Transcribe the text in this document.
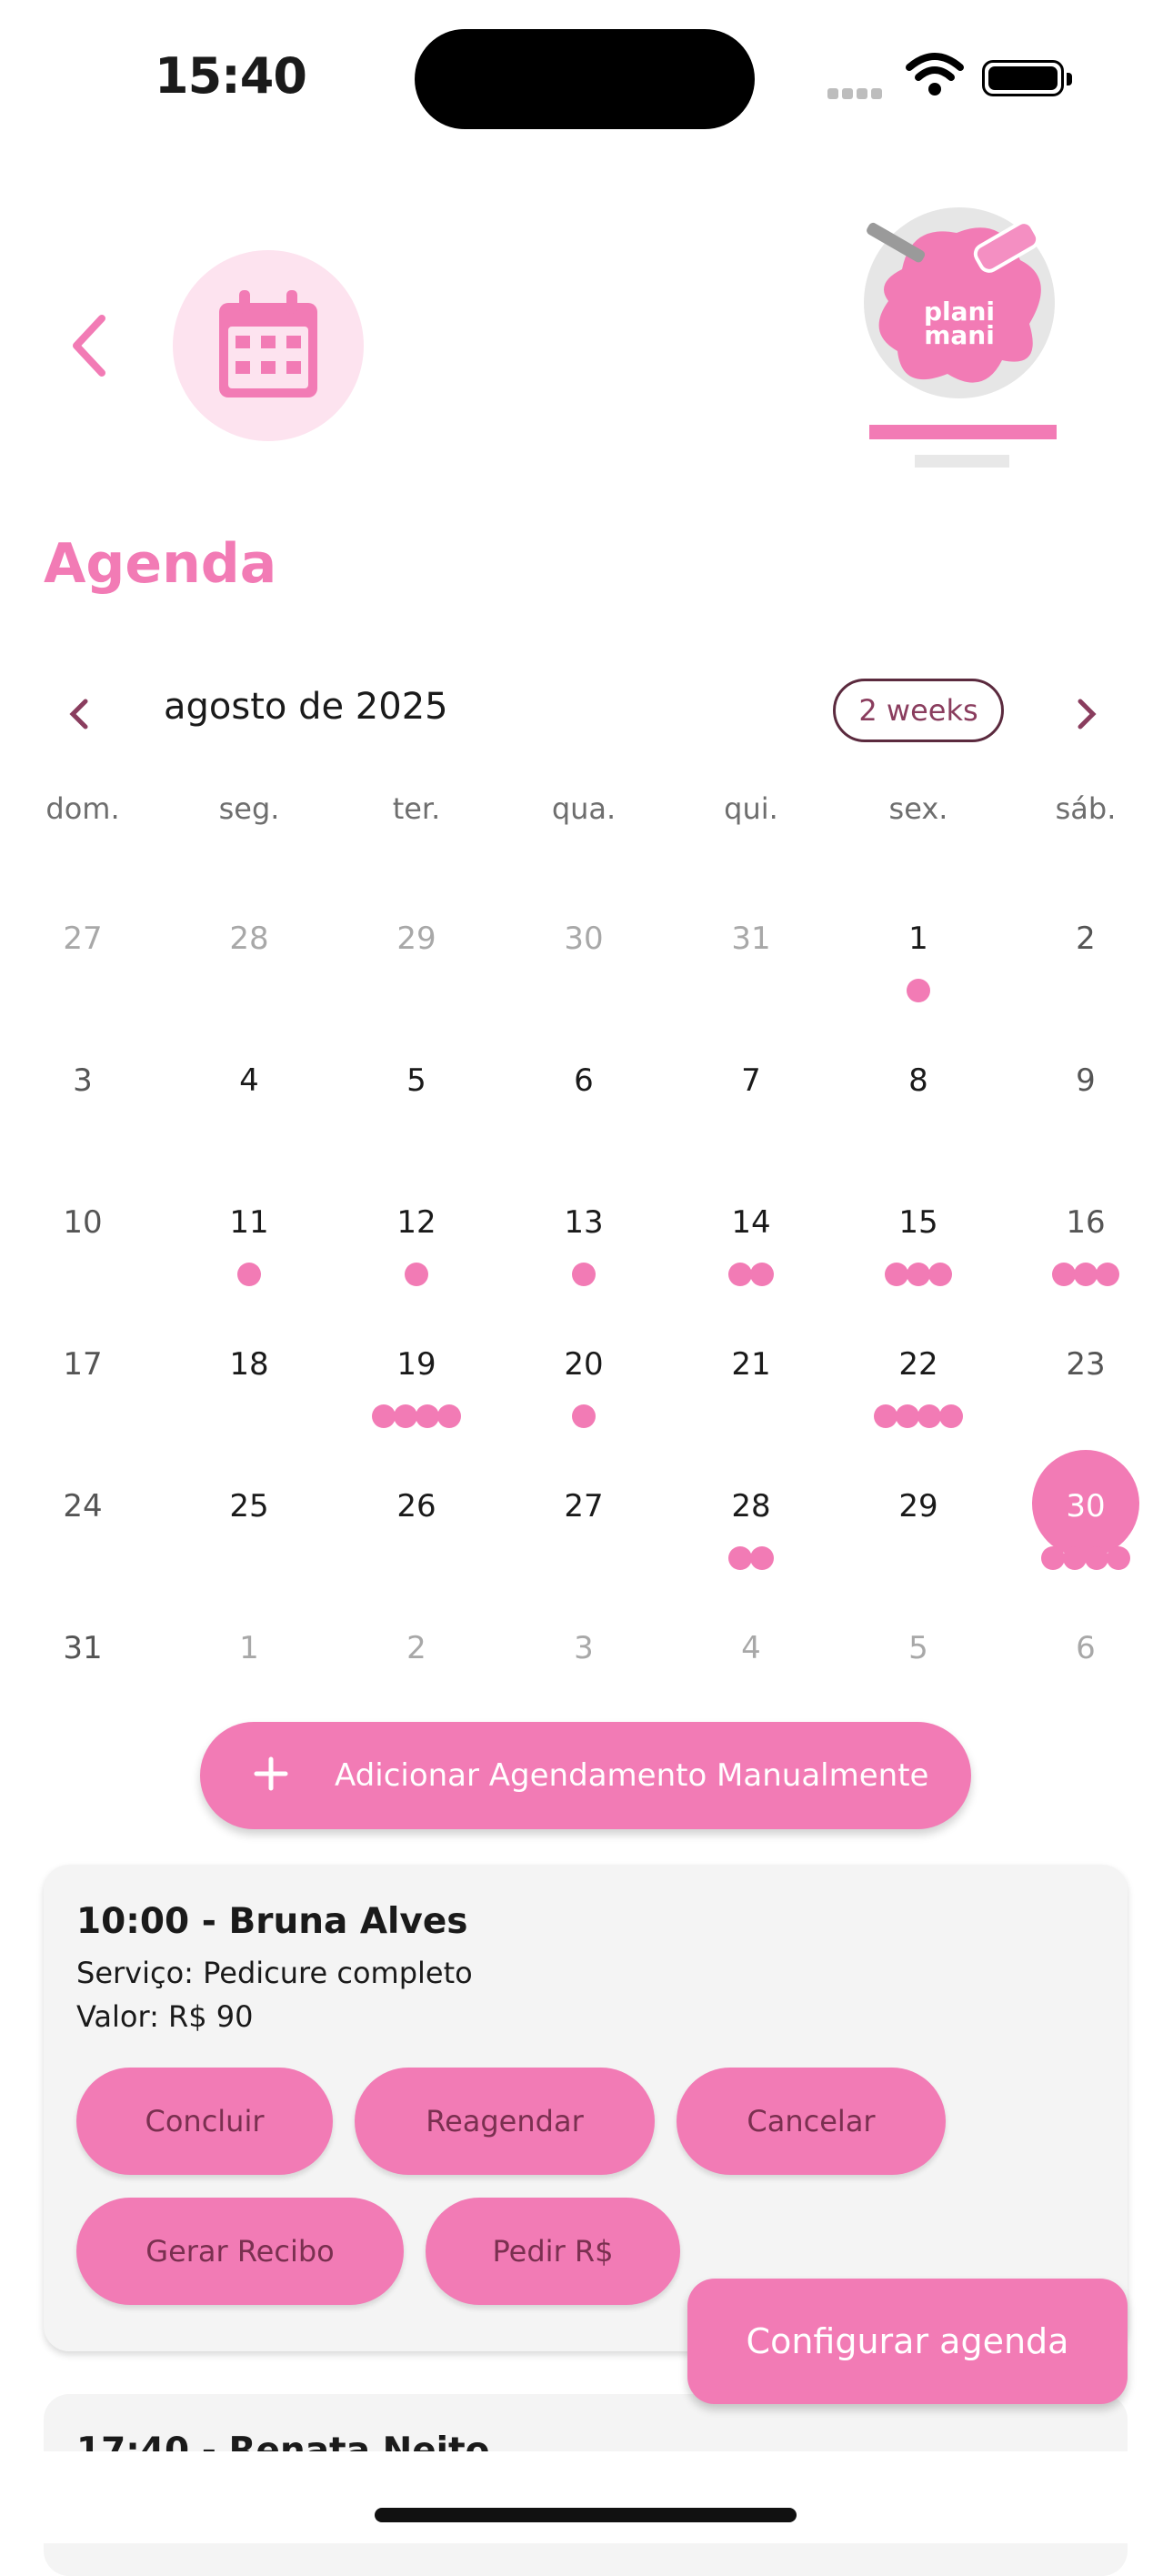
15:40
plani
mani
Agenda
agosto de 2025	2 weeks
dom.	seg.	ter.	qua.	qui.	sex.	sáb.
27	28	29	30	31	1	2
3	4	5	6	7	8	9
10	11	12	13	14	15	16
17	18	19	20	21	22	23
24	25	26	27	28	29	30
31	1	2	3	4	5	6
Adicionar Agendamento Manualmente
10:00 - Bruna Alves
Serviço: Pedicure completo
Valor: R$ 90
Concluir	Reagendar	Cancelar
Gerar Recibo	Pedir R$
Configurar agenda
